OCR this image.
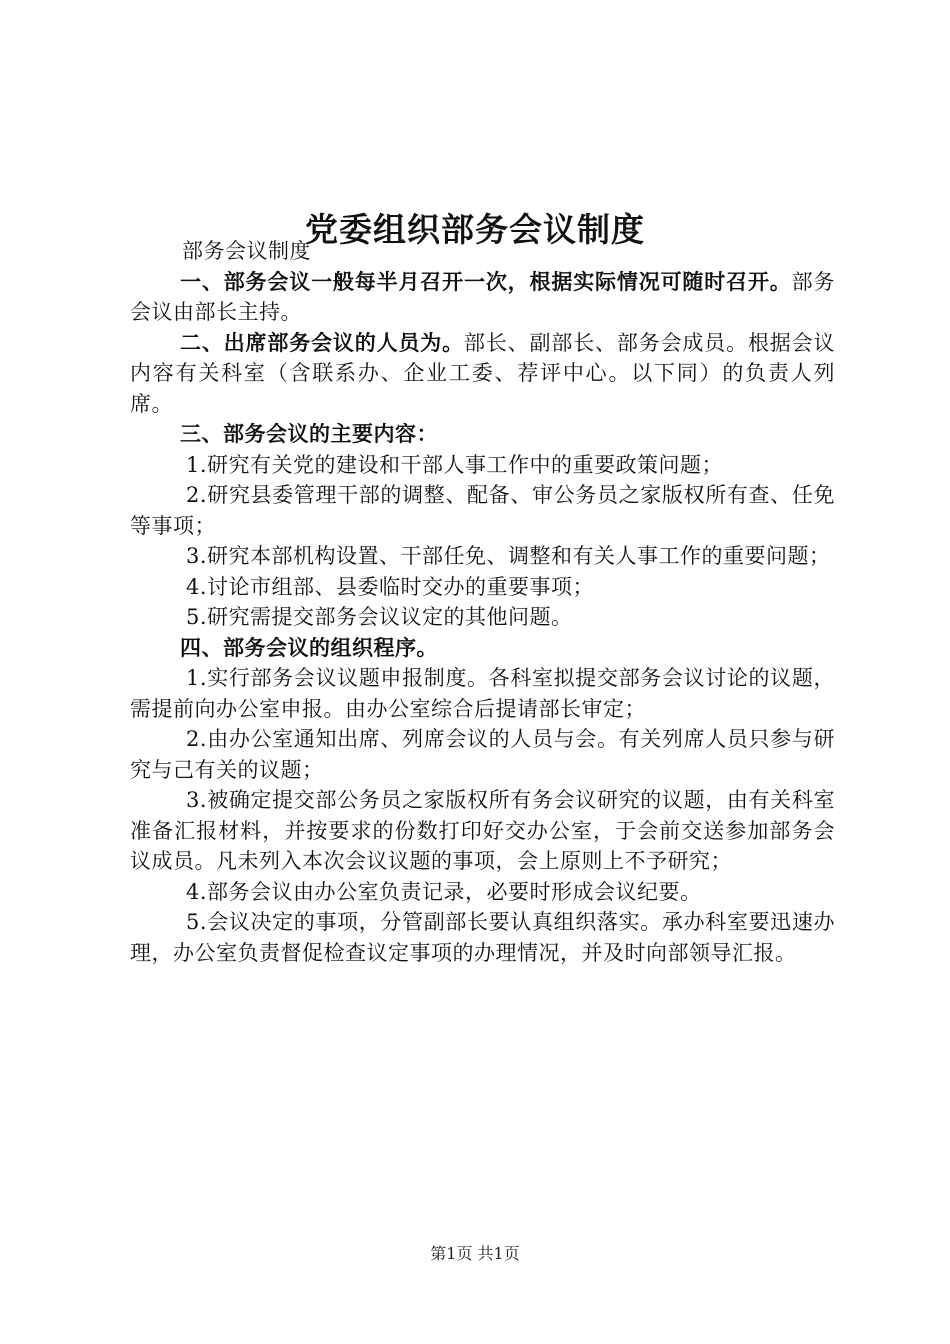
党委组织部务会议制度

部务会议制度

一、部务会议一般每半月召开一次，根据实际情况可随时召开。部务会议由部长主持。

二、出席部务会议的人员为。部长、副部长、部务会成员。根据会议内容有关科室（含联系办、企业工委、荐评中心。以下同）的负责人列席。

三、部务会议的主要内容：

1.研究有关党的建设和干部人事工作中的重要政策问题；

2.研究县委管理干部的调整、配备、审公务员之家版权所有查、任免等事项；

3.研究本部机构设置、干部任免、调整和有关人事工作的重要问题；

4.讨论市组部、县委临时交办的重要事项；

5.研究需提交部务会议议定的其他问题。

四、部务会议的组织程序。

1.实行部务会议议题申报制度。各科室拟提交部务会议讨论的议题，需提前向办公室申报。由办公室综合后提请部长审定；

2.由办公室通知出席、列席会议的人员与会。有关列席人员只参与研究与己有关的议题；

3.被确定提交部公务员之家版权所有务会议研究的议题，由有关科室准备汇报材料，并按要求的份数打印好交办公室，于会前交送参加部务会议成员。凡未列入本次会议议题的事项，会上原则上不予研究；

4.部务会议由办公室负责记录，必要时形成会议纪要。

5.会议决定的事项，分管副部长要认真组织落实。承办科室要迅速办理，办公室负责督促检查议定事项的办理情况，并及时向部领导汇报。

第1页 共1页
